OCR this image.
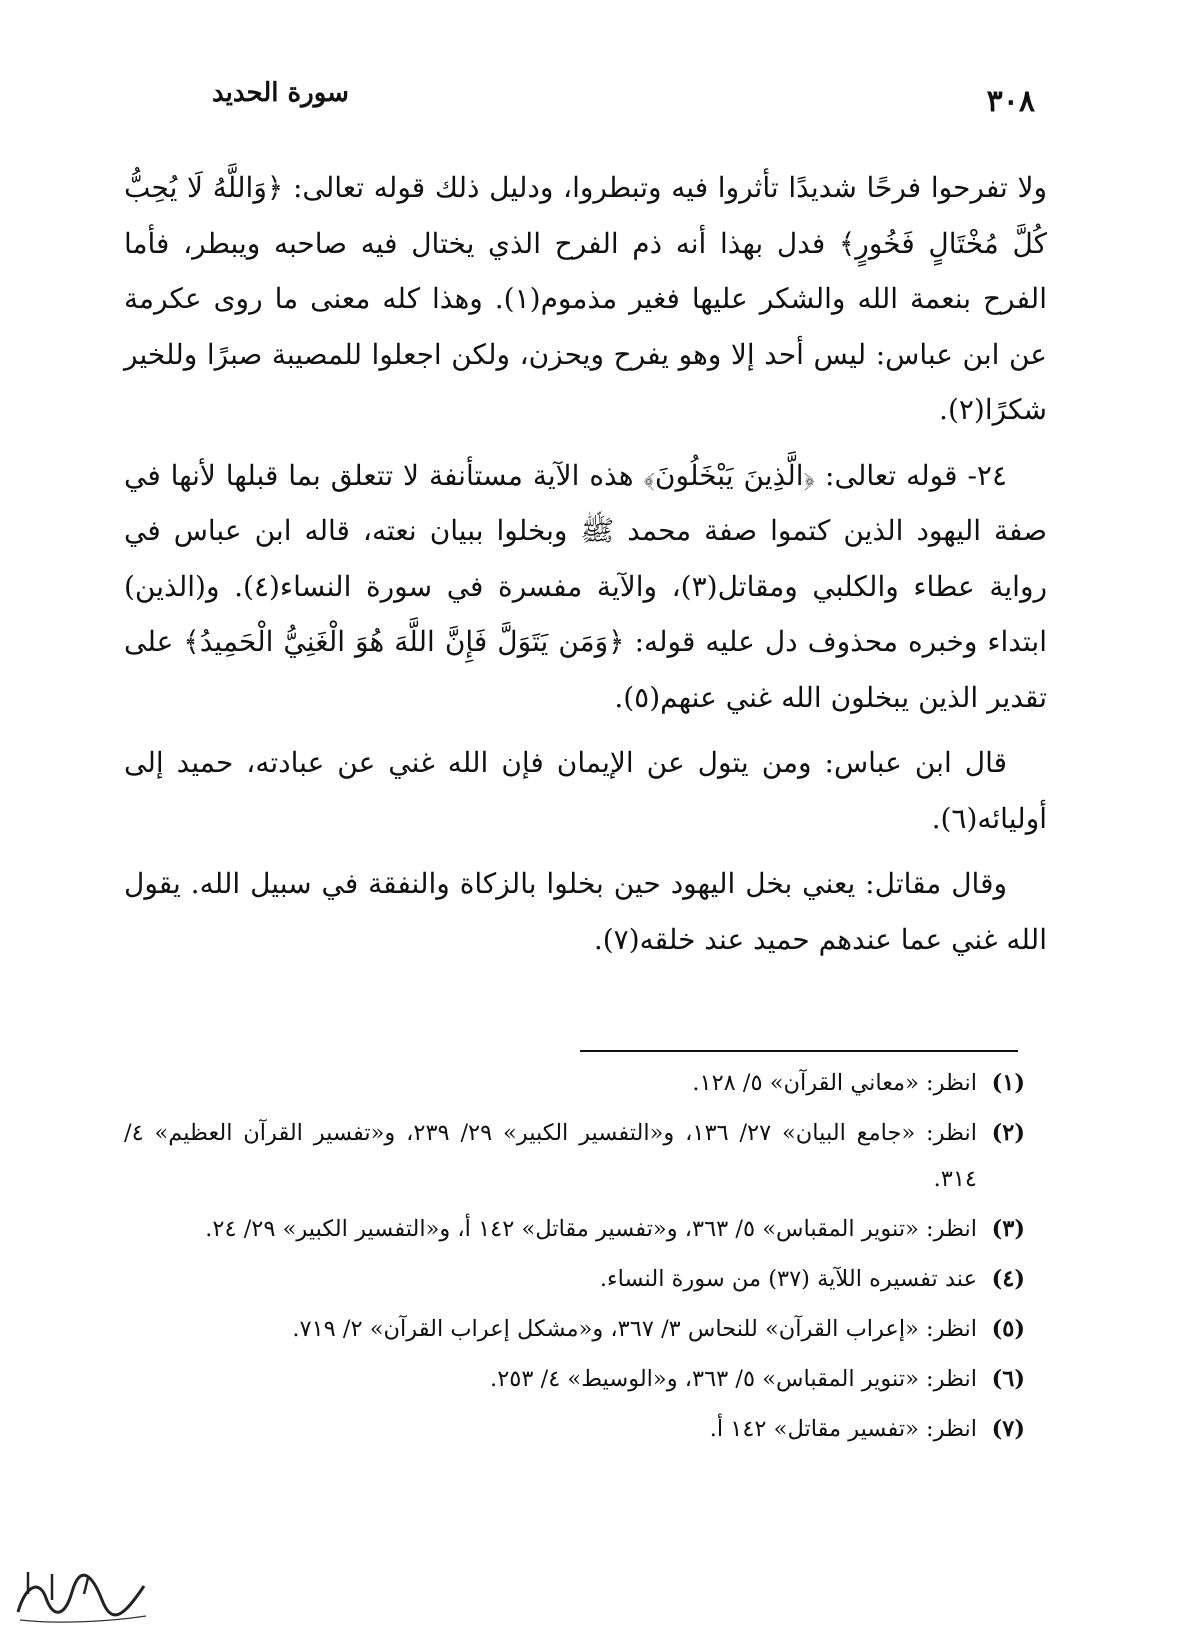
٣٠٨
سورة الحديد

ولا تفرحوا فرحًا شديدًا تأثروا فيه وتبطروا، ودليل ذلك قوله تعالى: ﴿وَاللَّهُ لَا يُحِبُّ كُلَّ مُخْتَالٍ فَخُورٍ﴾ فدل بهذا أنه ذم الفرح الذي يختال فيه صاحبه ويبطر، فأما الفرح بنعمة الله والشكر عليها فغير مذموم(١). وهذا كله معنى ما روى عكرمة عن ابن عباس: ليس أحد إلا وهو يفرح ويحزن، ولكن اجعلوا للمصيبة صبرًا وللخير شكرًا(٢).

٢٤- قوله تعالى: ﴿الَّذِينَ يَبْخَلُونَ﴾ هذه الآية مستأنفة لا تتعلق بما قبلها لأنها في صفة اليهود الذين كتموا صفة محمد ﷺ وبخلوا ببيان نعته، قاله ابن عباس في رواية عطاء والكلبي ومقاتل(٣)، والآية مفسرة في سورة النساء(٤). و(الذين) ابتداء وخبره محذوف دل عليه قوله: ﴿وَمَن يَتَوَلَّ فَإِنَّ اللَّهَ هُوَ الْغَنِيُّ الْحَمِيدُ﴾ على تقدير الذين يبخلون الله غني عنهم(٥).

قال ابن عباس: ومن يتول عن الإيمان فإن الله غني عن عبادته، حميد إلى أوليائه(٦).

وقال مقاتل: يعني بخل اليهود حين بخلوا بالزكاة والنفقة في سبيل الله. يقول الله غني عما عندهم حميد عند خلقه(٧).

(١)
انظر: «معاني القرآن» ٥/ ١٢٨.
(٢)
انظر: «جامع البيان» ٢٧/ ١٣٦، و«التفسير الكبير» ٢٩/ ٢٣٩، و«تفسير القرآن العظيم» ٤/ ٣١٤.
(٣)
انظر: «تنوير المقباس» ٥/ ٣٦٣، و«تفسير مقاتل» ١٤٢ أ، و«التفسير الكبير» ٢٩/ ٢٤.
(٤)
عند تفسيره اللآية (٣٧) من سورة النساء.
(٥)
انظر: «إعراب القرآن» للنحاس ٣/ ٣٦٧، و«مشكل إعراب القرآن» ٢/ ٧١٩.
(٦)
انظر: «تنوير المقباس» ٥/ ٣٦٣، و«الوسيط» ٤/ ٢٥٣.
(٧)
انظر: «تفسير مقاتل» ١٤٢ أ.
